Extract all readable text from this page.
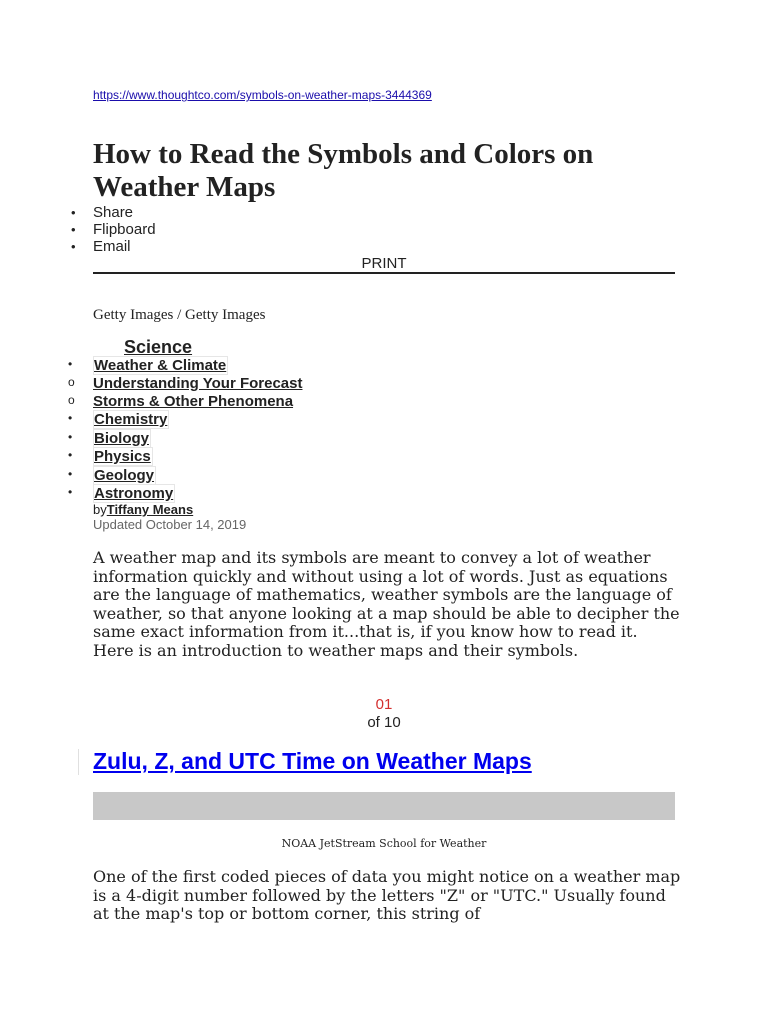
https://www.thoughtco.com/symbols-on-weather-maps-3444369
How to Read the Symbols and Colors on Weather Maps
• Share
• Flipboard
• Email
PRINT
Getty Images / Getty Images
Science
• Weather & Climate
o Understanding Your Forecast
o Storms & Other Phenomena
• Chemistry
• Biology
• Physics
• Geology
• Astronomy
byTiffany Means
Updated October 14, 2019

A weather map and its symbols are meant to convey a lot of weather information quickly and without using a lot of words. Just as equations are the language of mathematics, weather symbols are the language of weather, so that anyone looking at a map should be able to decipher the same exact information from it...that is, if you know how to read it. Here is an introduction to weather maps and their symbols.

01
of 10
Zulu, Z, and UTC Time on Weather Maps
NOAA JetStream School for Weather

One of the first coded pieces of data you might notice on a weather map is a 4-digit number followed by the letters "Z" or "UTC." Usually found at the map's top or bottom corner, this string of
